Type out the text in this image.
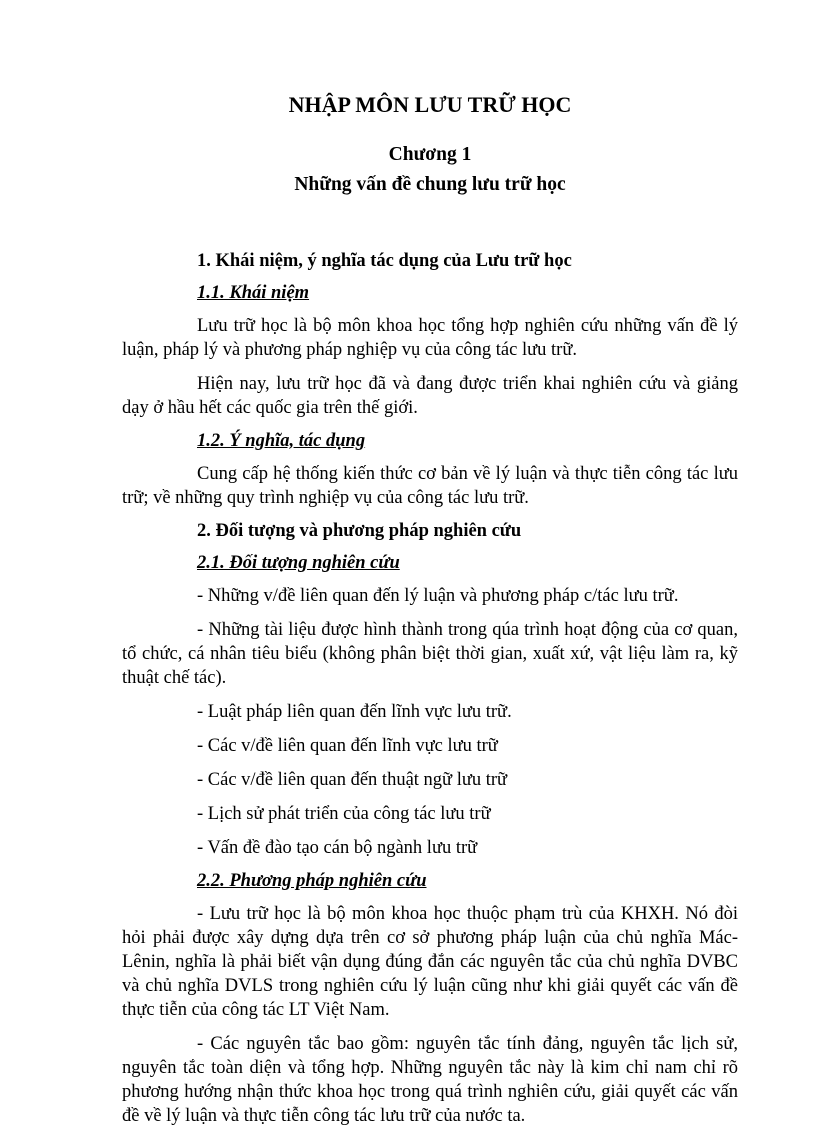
NHẬP MÔN LƯU TRỮ HỌC
Chương 1
Những vấn đề chung lưu trữ học
1. Khái niệm, ý nghĩa tác dụng của Lưu trữ học
1.1. Khái niệm

Lưu trữ học là bộ môn khoa học tổng hợp nghiên cứu những vấn đề lý luận, pháp lý và phương pháp nghiệp vụ của công tác lưu trữ.

Hiện nay, lưu trữ học đã và đang được triển khai nghiên cứu và giảng dạy ở hầu hết các quốc gia trên thế giới.

1.2. Ý nghĩa, tác dụng

Cung cấp hệ thống kiến thức cơ bản về lý luận và thực tiễn công tác lưu trữ; về những quy trình nghiệp vụ của công tác lưu trữ.

2. Đối tượng và phương pháp nghiên cứu
2.1. Đối tượng nghiên cứu

- Những v/đề liên quan đến lý luận và phương pháp c/tác lưu trữ.

- Những tài liệu được hình thành trong qúa trình hoạt động của cơ quan, tổ chức, cá nhân tiêu biểu (không phân biệt thời gian, xuất xứ, vật liệu làm ra, kỹ thuật chế tác).

- Luật pháp liên quan đến lĩnh vực lưu trữ.

- Các v/đề liên quan đến lĩnh vực lưu trữ

- Các v/đề liên quan đến thuật ngữ lưu trữ

- Lịch sử phát triển của công tác lưu trữ

- Vấn đề đào tạo cán bộ ngành lưu trữ

2.2. Phương pháp nghiên cứu

- Lưu trữ học là bộ môn khoa học thuộc phạm trù của KHXH. Nó đòi hỏi phải được xây dựng dựa trên cơ sở phương pháp luận của chủ nghĩa Mác-Lênin, nghĩa là phải biết vận dụng đúng đắn các nguyên tắc của chủ nghĩa DVBC và chủ nghĩa DVLS trong nghiên cứu lý luận cũng như khi giải quyết các vấn đề thực tiễn của công tác LT Việt Nam.

- Các nguyên tắc bao gồm: nguyên tắc tính đảng, nguyên tắc lịch sử, nguyên tắc toàn diện và tổng hợp. Những nguyên tắc này là kim chỉ nam chỉ rõ phương hướng nhận thức khoa học trong quá trình nghiên cứu, giải quyết các vấn đề về lý luận và thực tiễn công tác lưu trữ của nước ta.
